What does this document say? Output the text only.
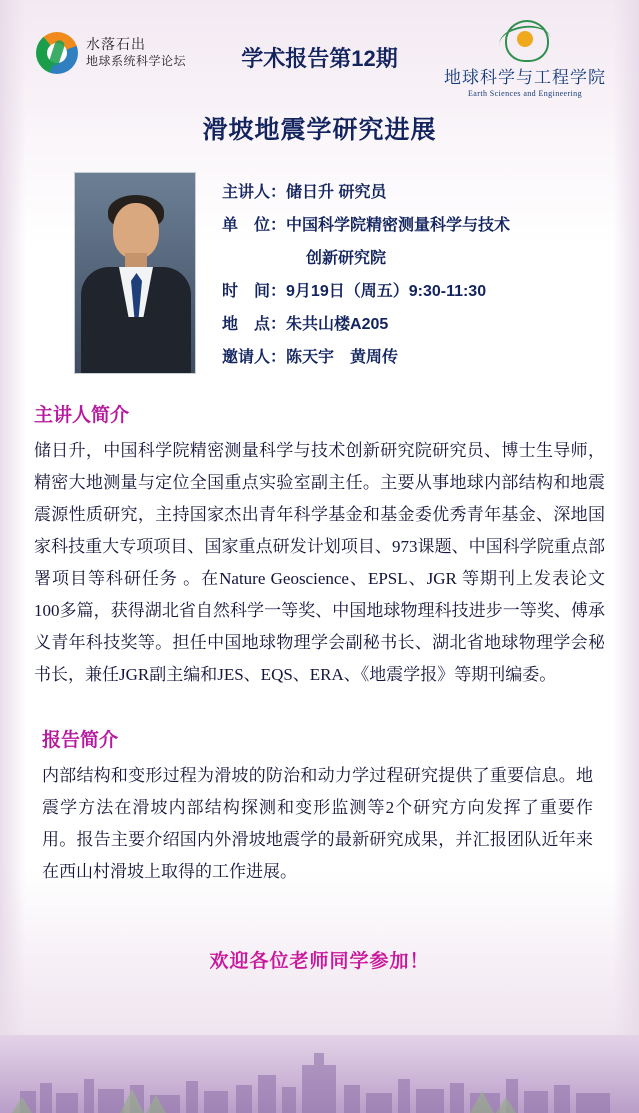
水落石出
地球系统科学论坛	学术报告第12期
地球科学与工程学院
Earth Sciences and Engineering
滑坡地震学研究进展
主讲人：储日升 研究员
单　位：中国科学院精密测量科学与技术
创新研究院
时　间：9月19日（周五）9:30-11:30
地　点：朱共山楼A205
邀请人：陈天宇　黄周传
主讲人简介
储日升，中国科学院精密测量科学与技术创新研究院研究员、博士生导师，精密大地测量与定位全国重点实验室副主任。主要从事地球内部结构和地震震源性质研究，主持国家杰出青年科学基金和基金委优秀青年基金、深地国家科技重大专项项目、国家重点研发计划项目、973课题、中国科学院重点部署项目等科研任务 。在Nature Geoscience、EPSL、JGR 等期刊上发表论文100多篇，获得湖北省自然科学一等奖、中国地球物理科技进步一等奖、傅承义青年科技奖等。担任中国地球物理学会副秘书长、湖北省地球物理学会秘书长，兼任JGR副主编和JES、EQS、ERA、《地震学报》等期刊编委。
报告简介
内部结构和变形过程为滑坡的防治和动力学过程研究提供了重要信息。地震学方法在滑坡内部结构探测和变形监测等2个研究方向发挥了重要作用。报告主要介绍国内外滑坡地震学的最新研究成果，并汇报团队近年来在西山村滑坡上取得的工作进展。
欢迎各位老师同学参加！
